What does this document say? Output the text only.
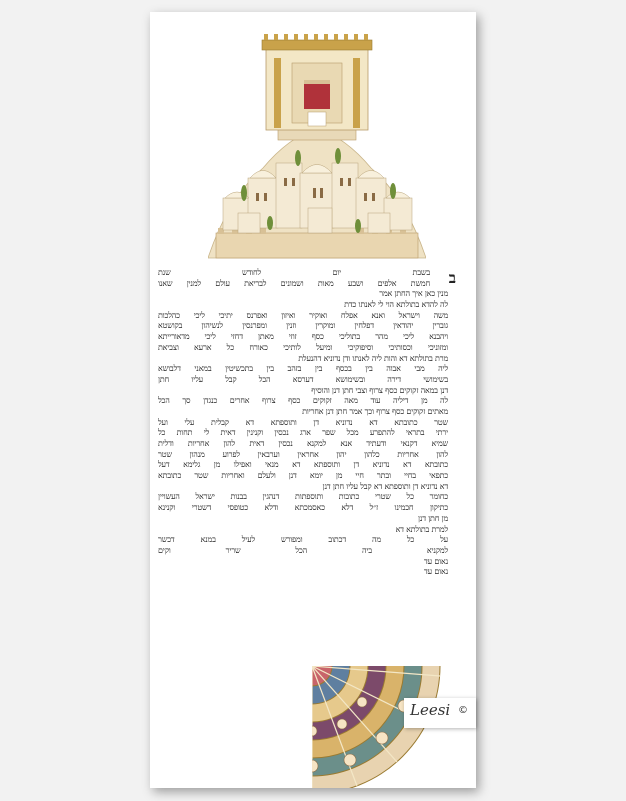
ב
בשבת יום לחודש שנת
חמשת אלפים ושבע מאות ושמונים לבריאת עולם למנין שאנו
מנין כאן איך החתן אמר
לה להדא בתולתא הוי לי לאנתו כדת
משה וישראל ואנא אפלח ואוקיר ואיזון ואפרנס יתיכי ליכי כהלכות
גוברין יהודאין דפלחין ומוקרין וזנין ומפרנסין לנשיהון בקושטא
ויהבנא ליכי מהר בתוליכי כסף זוזי מאתן דחזי ליכי מדאורייתא
ומזוניכי וכסותיכי וסיפוקיכי ומיעל לותיכי כאורח כל ארעא וצביאת
מרת בתולתא דא והות ליה לאנתו ודן נדוניא דהנעלת
ליה מבי אבוה בין בכסף בין בזהב בין בתכשיטין במאני דלבושא
בשימושי דירה ובשימושא דערסא הכל קבל עליו חתן
דנן במאה זקוקים כסף צרוף וצבי חתן דנן והוסיף
לה מן דיליה עוד מאה זקוקים כסף צרוף אחרים כנגדן סך הכל
מאתים זקוקים כסף צרוף וכך אמר חתן דנן אחריות
שטר כתובתא דא נדוניא דן ותוספתא דא קבלית עלי ועל
ירתי בתראי להתפרע מכל שפר ארג נכסין וקנינין דאית לי תחות כל
שמיא דקנאי ודעתיד אנא למקנא נכסין דאית להון אחריות ודלית
להון אחריות כלהון יהון אחראין וערבאין לפרוע מנהון שטר
כתובתא דא נדוניא דן ותוספתא דא מנאי ואפילו מן גלימא דעל
כתפאי בחיי ובתר חיי מן יומא דנן ולעלם ואחריות שטר כתובתא
דא נדוניא דן ותוספתא דא קבל עליו חתן דנן
כחומר כל שטרי כתובות ותוספתות דנהגין בבנות ישראל העשויין
כתיקון חכמינו ז״ל דלא כאסמכתא ודלא כטופסי דשטרי וקנינא
מן חתן דנן
למרת בתולתא דא
על כל מה דכתוב ומפורש לעיל במנא דכשר
למקניא ביה הכל שריר וקים
נאום עד
נאום עד
Leesi ©
